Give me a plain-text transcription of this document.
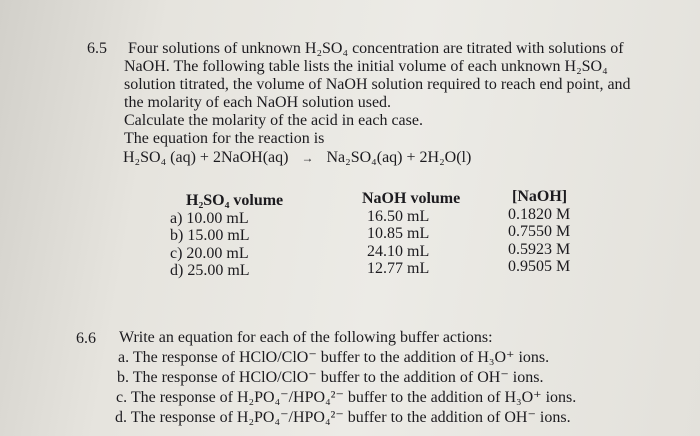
6.5 Four solutions of unknown H₂SO₄ concentration are titrated with solutions of
NaOH. The following table lists the initial volume of each unknown H₂SO₄
solution titrated, the volume of NaOH solution required to reach end point, and
the molarity of each NaOH solution used.
Calculate the molarity of the acid in each case.
The equation for the reaction is
H₂SO₄ (aq) + 2NaOH(aq) → Na₂SO₄(aq) + 2H₂O(l)
H₂SO₄ volume
a) 10.00 mL
b) 15.00 mL
c) 20.00 mL
d) 25.00 mL
NaOH volume
16.50 mL
10.85 mL
24.10 mL
12.77 mL
[NaOH]
0.1820 M
0.7550 M
0.5923 M
0.9505 M
6.6 Write an equation for each of the following buffer actions:
a. The response of HClO/ClO⁻ buffer to the addition of H₃O⁺ ions.
b. The response of HClO/ClO⁻ buffer to the addition of OH⁻ ions.
c. The response of H₂PO₄⁻/HPO₄²⁻ buffer to the addition of H₃O⁺ ions.
d. The response of H₂PO₄⁻/HPO₄²⁻ buffer to the addition of OH⁻ ions.
